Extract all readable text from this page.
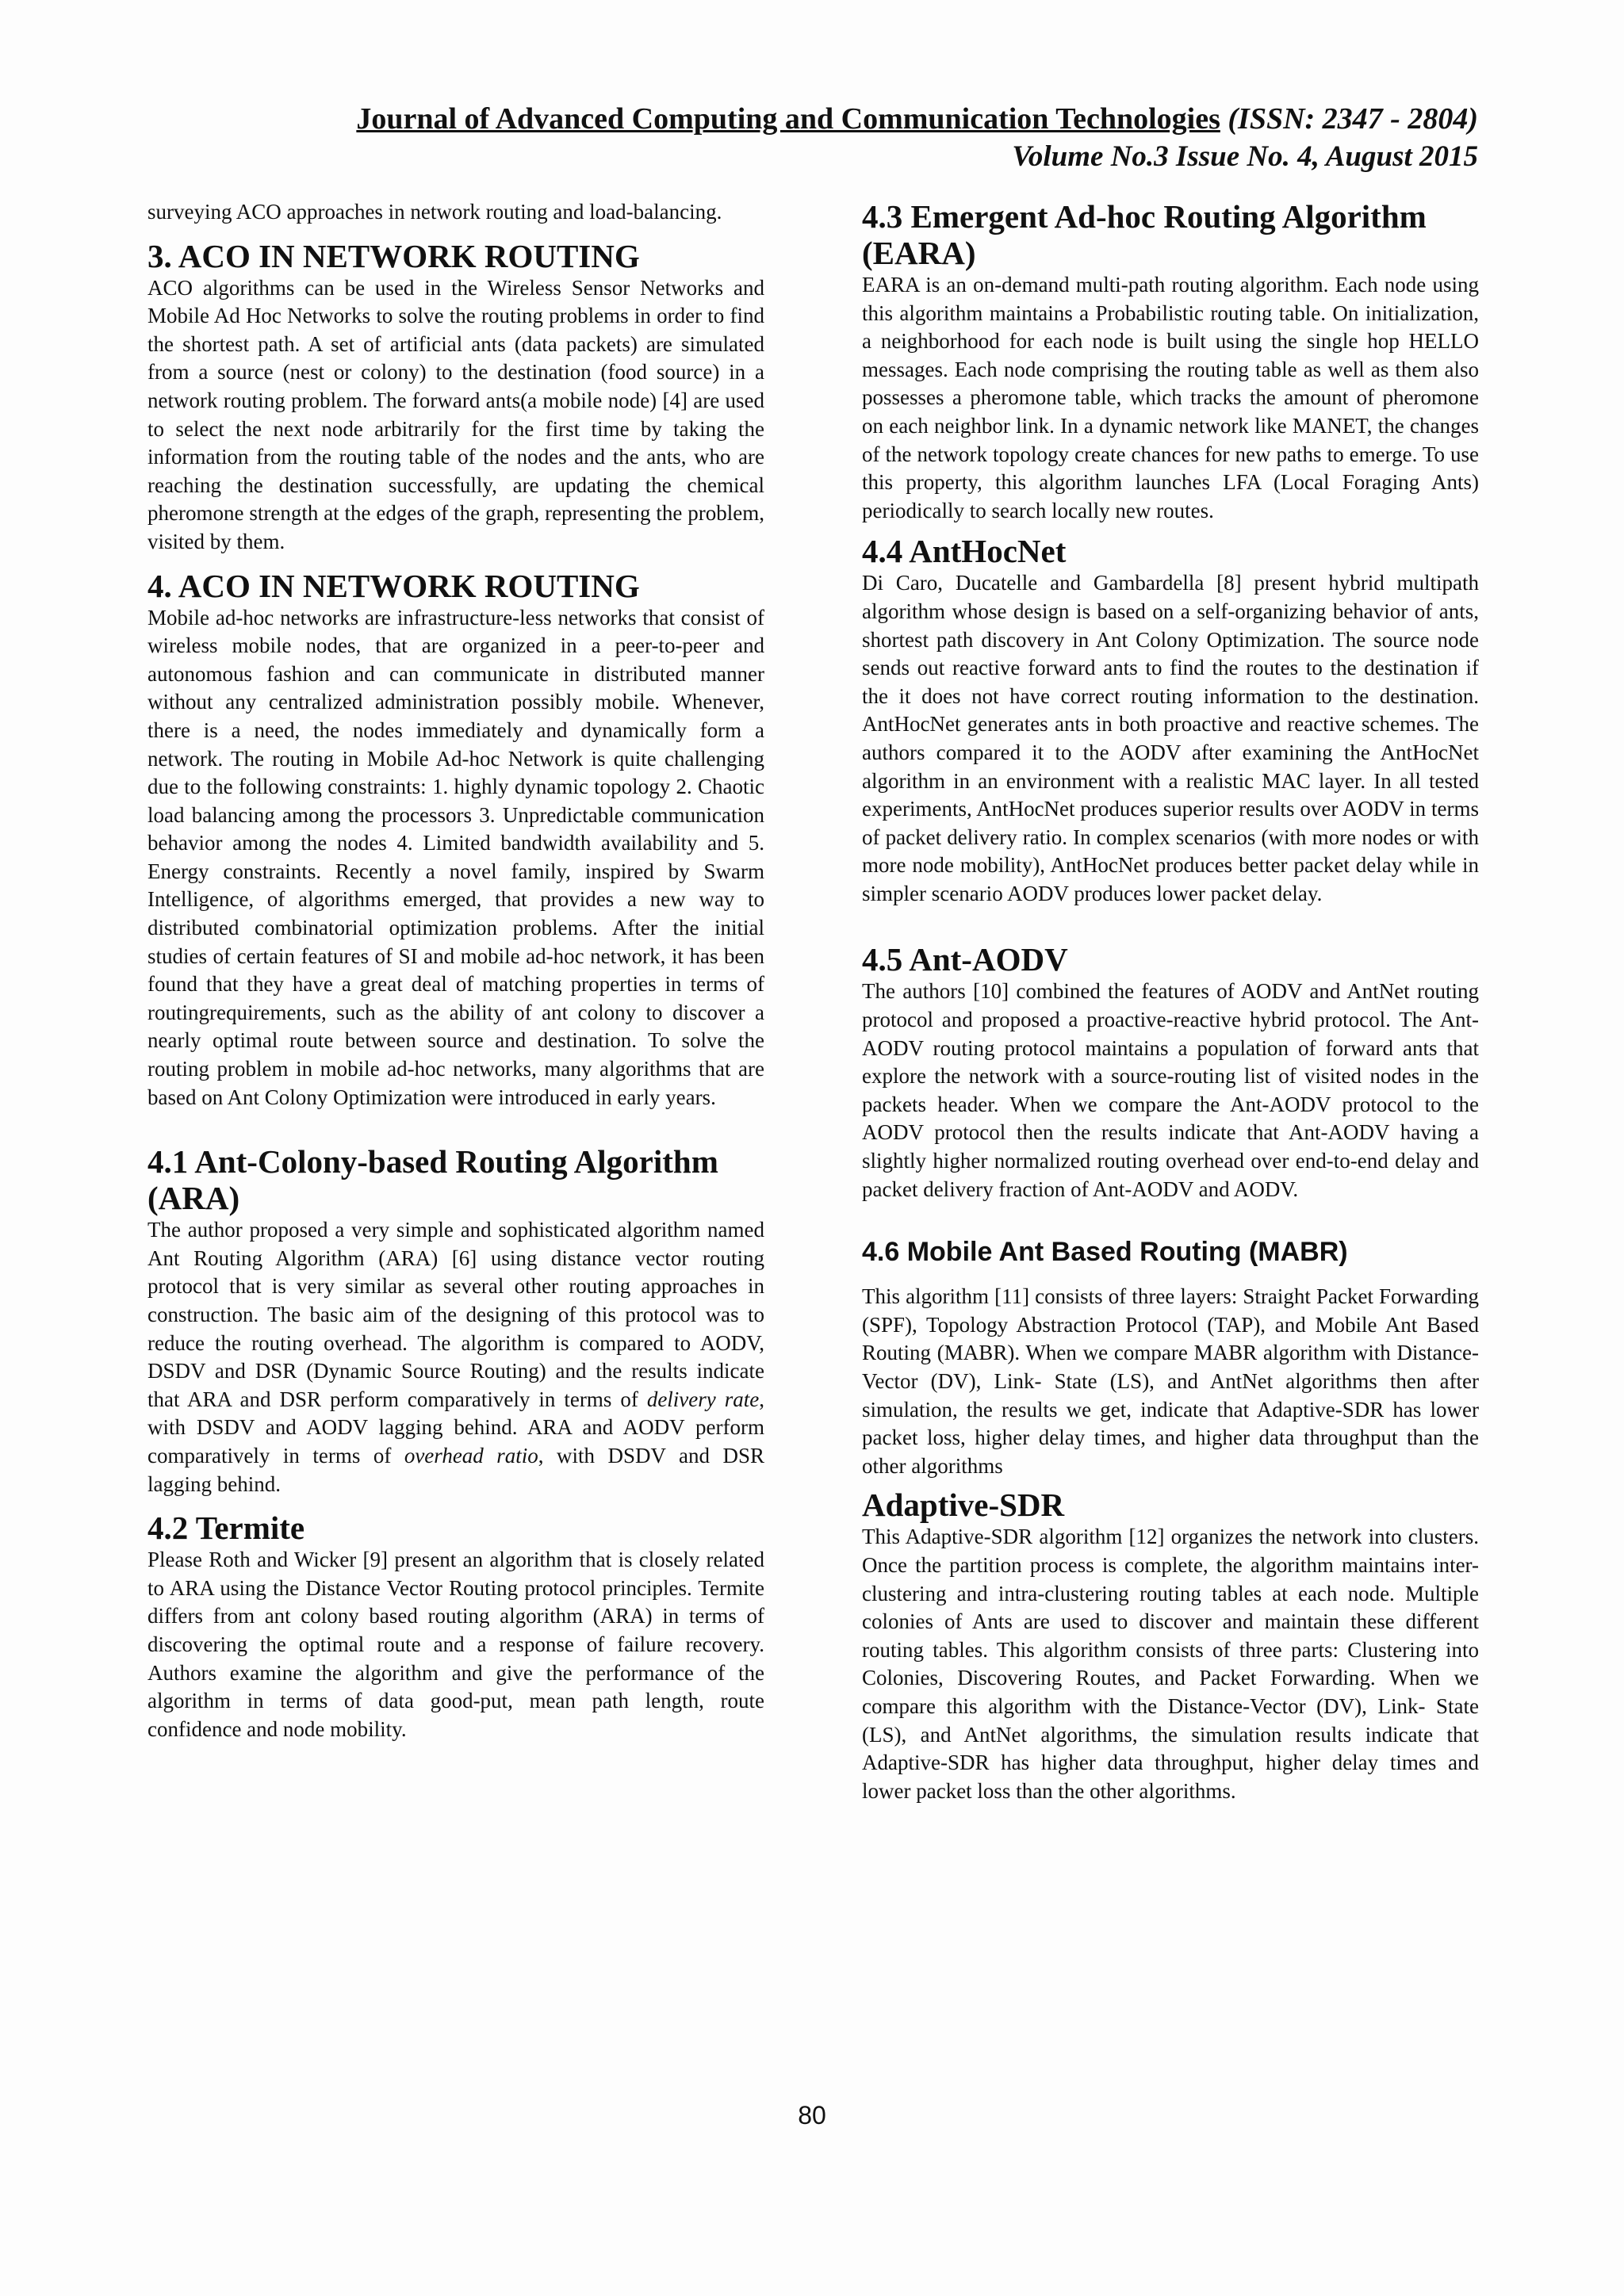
Journal of Advanced Computing and Communication Technologies (ISSN: 2347 - 2804)
Volume No.3 Issue No. 4, August 2015

surveying ACO approaches in network routing and load-balancing.

3. ACO IN NETWORK ROUTING

ACO algorithms can be used in the Wireless Sensor Networks and Mobile Ad Hoc Networks to solve the routing problems in order to find the shortest path. A set of artificial ants (data packets) are simulated from a source (nest or colony) to the destination (food source) in a network routing problem. The forward ants(a mobile node) [4] are used to select the next node arbitrarily for the first time by taking the information from the routing table of the nodes and the ants, who are reaching the destination successfully, are updating the chemical pheromone strength at the edges of the graph, representing the problem, visited by them.

4. ACO IN NETWORK ROUTING

Mobile ad-hoc networks are infrastructure-less networks that consist of wireless mobile nodes, that are organized in a peer-to-peer and autonomous fashion and can communicate in distributed manner without any centralized administration possibly mobile. Whenever, there is a need, the nodes immediately and dynamically form a network. The routing in Mobile Ad-hoc Network is quite challenging due to the following constraints: 1. highly dynamic topology 2. Chaotic load balancing among the processors 3. Unpredictable communication behavior among the nodes 4. Limited bandwidth availability and 5. Energy constraints. Recently a novel family, inspired by Swarm Intelligence, of algorithms emerged, that provides a new way to distributed combinatorial optimization problems. After the initial studies of certain features of SI and mobile ad-hoc network, it has been found that they have a great deal of matching properties in terms of routingrequirements, such as the ability of ant colony to discover a nearly optimal route between source and destination. To solve the routing problem in mobile ad-hoc networks, many algorithms that are based on Ant Colony Optimization were introduced in early years.

4.1 Ant-Colony-based Routing Algorithm (ARA)

The author proposed a very simple and sophisticated algorithm named Ant Routing Algorithm (ARA) [6] using distance vector routing protocol that is very similar as several other routing approaches in construction. The basic aim of the designing of this protocol was to reduce the routing overhead. The algorithm is compared to AODV, DSDV and DSR (Dynamic Source Routing) and the results indicate that ARA and DSR perform comparatively in terms of delivery rate, with DSDV and AODV lagging behind. ARA and AODV perform comparatively in terms of overhead ratio, with DSDV and DSR lagging behind.

4.2 Termite

Please Roth and Wicker [9] present an algorithm that is closely related to ARA using the Distance Vector Routing protocol principles. Termite differs from ant colony based routing algorithm (ARA) in terms of discovering the optimal route and a response of failure recovery. Authors examine the algorithm and give the performance of the algorithm in terms of data good-put, mean path length, route confidence and node mobility.

4.3 Emergent Ad-hoc Routing Algorithm (EARA)

EARA is an on-demand multi-path routing algorithm. Each node using this algorithm maintains a Probabilistic routing table. On initialization, a neighborhood for each node is built using the single hop HELLO messages. Each node comprising the routing table as well as them also possesses a pheromone table, which tracks the amount of pheromone on each neighbor link. In a dynamic network like MANET, the changes of the network topology create chances for new paths to emerge. To use this property, this algorithm launches LFA (Local Foraging Ants) periodically to search locally new routes.

4.4 AntHocNet

Di Caro, Ducatelle and Gambardella [8] present hybrid multipath algorithm whose design is based on a self-organizing behavior of ants, shortest path discovery in Ant Colony Optimization. The source node sends out reactive forward ants to find the routes to the destination if the it does not have correct routing information to the destination. AntHocNet generates ants in both proactive and reactive schemes. The authors compared it to the AODV after examining the AntHocNet algorithm in an environment with a realistic MAC layer. In all tested experiments, AntHocNet produces superior results over AODV in terms of packet delivery ratio. In complex scenarios (with more nodes or with more node mobility), AntHocNet produces better packet delay while in simpler scenario AODV produces lower packet delay.

4.5 Ant-AODV

The authors [10] combined the features of AODV and AntNet routing protocol and proposed a proactive-reactive hybrid protocol. The Ant-AODV routing protocol maintains a population of forward ants that explore the network with a source-routing list of visited nodes in the packets header. When we compare the Ant-AODV protocol to the AODV protocol then the results indicate that Ant-AODV having a slightly higher normalized routing overhead over end-to-end delay and packet delivery fraction of Ant-AODV and AODV.

4.6 Mobile Ant Based Routing (MABR)

This algorithm [11] consists of three layers: Straight Packet Forwarding (SPF), Topology Abstraction Protocol (TAP), and Mobile Ant Based Routing (MABR). When we compare MABR algorithm with Distance-Vector (DV), Link- State (LS), and AntNet algorithms then after simulation, the results we get, indicate that Adaptive-SDR has lower packet loss, higher delay times, and higher data throughput than the other algorithms

Adaptive-SDR

This Adaptive-SDR algorithm [12] organizes the network into clusters. Once the partition process is complete, the algorithm maintains inter-clustering and intra-clustering routing tables at each node. Multiple colonies of Ants are used to discover and maintain these different routing tables. This algorithm consists of three parts: Clustering into Colonies, Discovering Routes, and Packet Forwarding. When we compare this algorithm with the Distance-Vector (DV), Link- State (LS), and AntNet algorithms, the simulation results indicate that Adaptive-SDR has higher data throughput, higher delay times and lower packet loss than the other algorithms.

80
